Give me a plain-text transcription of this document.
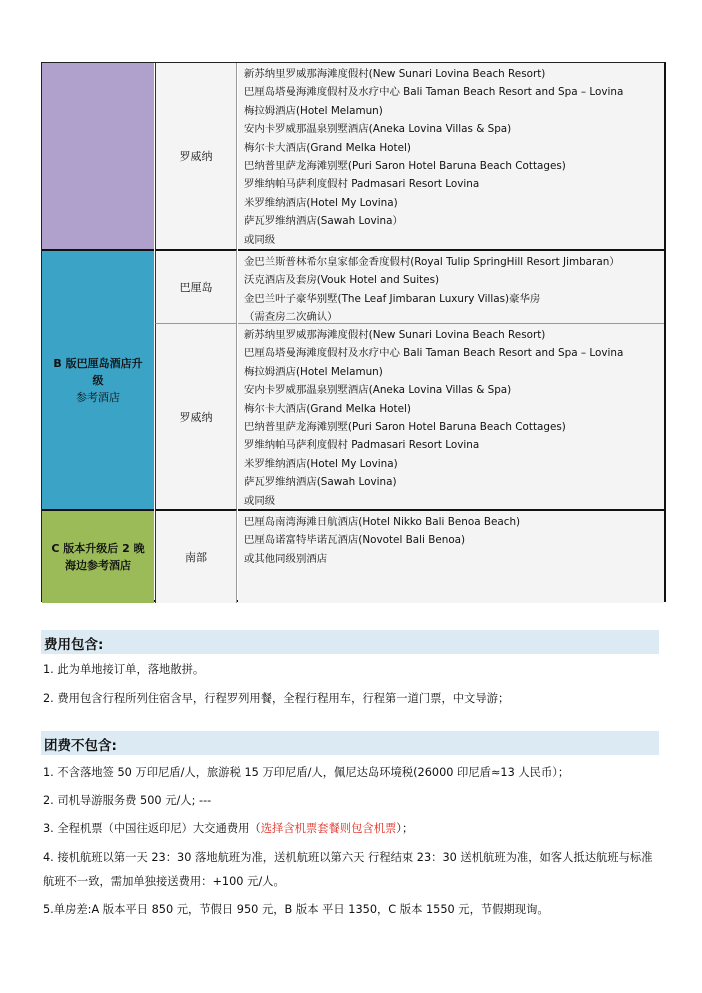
B 版巴厘岛酒店升级
参考酒店
C 版本升级后 2 晚海边参考酒店
罗威纳
新苏纳里罗威那海滩度假村(New Sunari Lovina Beach Resort)
巴厘岛塔曼海滩度假村及水疗中心 Bali Taman Beach Resort and Spa – Lovina
梅拉姆酒店(Hotel Melamun)
安内卡罗威那温泉别墅酒店(Aneka Lovina Villas & Spa)
梅尔卡大酒店(Grand Melka Hotel)
巴纳普里萨龙海滩别墅(Puri Saron Hotel Baruna Beach Cottages)
罗维纳帕马萨利度假村 Padmasari Resort Lovina
米罗维纳酒店(Hotel My Lovina)
萨瓦罗维纳酒店(Sawah Lovina）
或同级
巴厘岛
金巴兰斯普林希尔皇家郁金香度假村(Royal Tulip SpringHill Resort Jimbaran）
沃克酒店及套房(Vouk Hotel and Suites)
金巴兰叶子豪华别墅(The Leaf Jimbaran Luxury Villas)豪华房
（需查房二次确认）
罗威纳
新苏纳里罗威那海滩度假村(New Sunari Lovina Beach Resort)
巴厘岛塔曼海滩度假村及水疗中心 Bali Taman Beach Resort and Spa – Lovina
梅拉姆酒店(Hotel Melamun)
安内卡罗威那温泉别墅酒店(Aneka Lovina Villas & Spa)
梅尔卡大酒店(Grand Melka Hotel)
巴纳普里萨龙海滩别墅(Puri Saron Hotel Baruna Beach Cottages)
罗维纳帕马萨利度假村 Padmasari Resort Lovina
米罗维纳酒店(Hotel My Lovina)
萨瓦罗维纳酒店(Sawah Lovina)
或同级
南部
巴厘岛南湾海滩日航酒店(Hotel Nikko Bali Benoa Beach)
巴厘岛诺富特毕诺瓦酒店(Novotel Bali Benoa)
或其他同级别酒店
费用包含:
1. 此为单地接订单，落地散拼。
2. 费用包含行程所列住宿含早，行程罗列用餐，全程行程用车，行程第一道门票，中文导游；
团费不包含:
1. 不含落地签 50 万印尼盾/人，旅游税 15 万印尼盾/人，佩尼达岛环境税(26000 印尼盾≈13 人民币）；
2. 司机导游服务费 500 元/人; ---
3. 全程机票（中国往返印尼）大交通费用（选择含机票套餐则包含机票）；
4. 接机航班以第一天 23：30 落地航班为准，送机航班以第六天 行程结束 23：30 送机航班为准，如客人抵达航班与标准航班不一致，需加单独接送费用：+100 元/人。
5.单房差:A 版本平日 850 元，节假日 950 元，B 版本 平日 1350，C 版本 1550 元，节假期现询。
